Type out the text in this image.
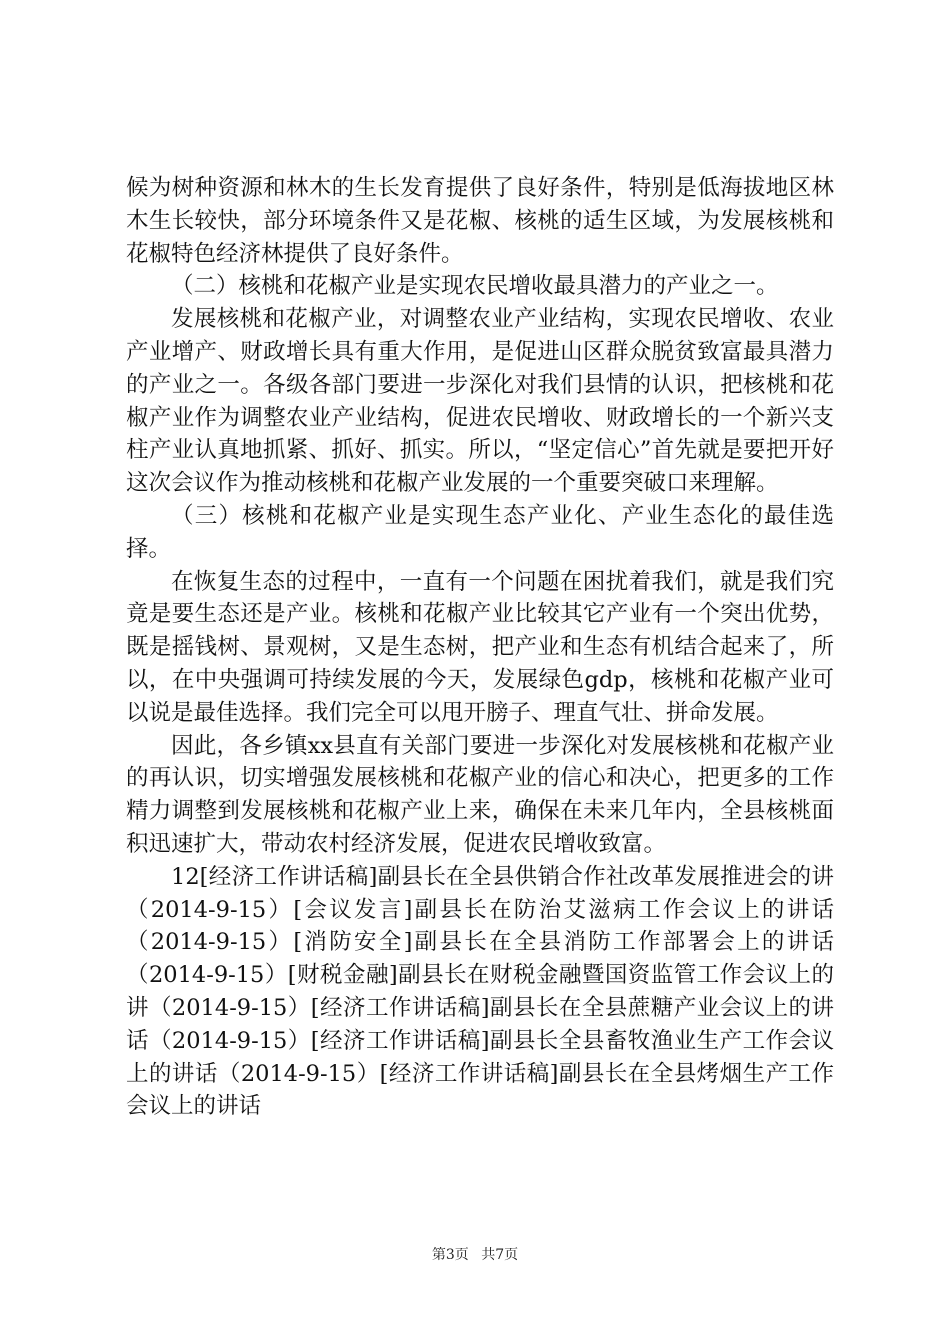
候为树种资源和林木的生长发育提供了良好条件，特别是低海拔地区林木生长较快，部分环境条件又是花椒、核桃的适生区域，为发展核桃和花椒特色经济林提供了良好条件。

（二）核桃和花椒产业是实现农民增收最具潜力的产业之一。

发展核桃和花椒产业，对调整农业产业结构，实现农民增收、农业产业增产、财政增长具有重大作用，是促进山区群众脱贫致富最具潜力的产业之一。各级各部门要进一步深化对我们县情的认识，把核桃和花椒产业作为调整农业产业结构，促进农民增收、财政增长的一个新兴支柱产业认真地抓紧、抓好、抓实。所以，“坚定信心”首先就是要把开好这次会议作为推动核桃和花椒产业发展的一个重要突破口来理解。

（三）核桃和花椒产业是实现生态产业化、产业生态化的最佳选择。

在恢复生态的过程中，一直有一个问题在困扰着我们，就是我们究竟是要生态还是产业。核桃和花椒产业比较其它产业有一个突出优势，既是摇钱树、景观树，又是生态树，把产业和生态有机结合起来了，所以，在中央强调可持续发展的今天，发展绿色gdp，核桃和花椒产业可以说是最佳选择。我们完全可以甩开膀子、理直气壮、拼命发展。

因此，各乡镇xx县直有关部门要进一步深化对发展核桃和花椒产业的再认识，切实增强发展核桃和花椒产业的信心和决心，把更多的工作精力调整到发展核桃和花椒产业上来，确保在未来几年内，全县核桃面积迅速扩大，带动农村经济发展，促进农民增收致富。

12[经济工作讲话稿]副县长在全县供销合作社改革发展推进会的讲（2014-9-15）[会议发言]副县长在防治艾滋病工作会议上的讲话（2014-9-15）[消防安全]副县长在全县消防工作部署会上的讲话（2014-9-15）[财税金融]副县长在财税金融暨国资监管工作会议上的讲（2014-9-15）[经济工作讲话稿]副县长在全县蔗糖产业会议上的讲话（2014-9-15）[经济工作讲话稿]副县长全县畜牧渔业生产工作会议上的讲话（2014-9-15）[经济工作讲话稿]副县长在全县烤烟生产工作会议上的讲话

第3页 共7页
